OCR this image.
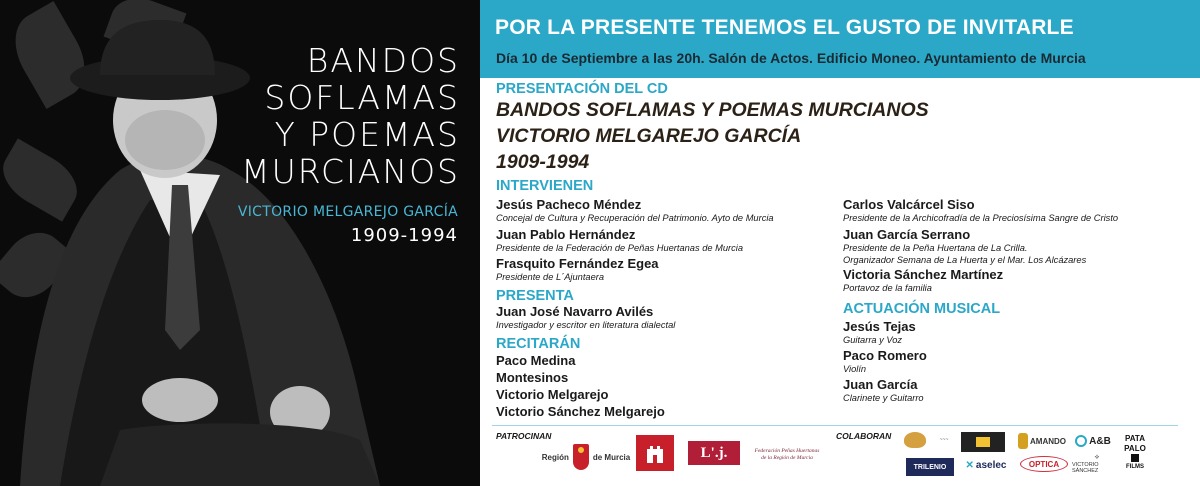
BANDOS
SOFLAMAS
Y POEMAS
MURCIANOS
VICTORIO MELGAREJO GARCÍA
1909-1994
POR LA PRESENTE TENEMOS EL GUSTO DE INVITARLE
Día 10 de Septiembre a las 20h. Salón de Actos. Edificio Moneo. Ayuntamiento de Murcia
PRESENTACIÓN DEL CD
BANDOS SOFLAMAS Y POEMAS MURCIANOS
VICTORIO MELGAREJO GARCÍA
1909-1994
INTERVIENEN
Jesús Pacheco Méndez
Concejal de Cultura y Recuperación del Patrimonio. Ayto de Murcia
Juan Pablo Hernández
Presidente de la Federación de Peñas Huertanas de Murcia
Frasquito Fernández Egea
Presidente de L´Ajuntaera
Carlos Valcárcel Siso
Presidente de la Archicofradía de la Preciosísima Sangre de Cristo
Juan García Serrano
Presidente de la Peña Huertana de La Crilla.
Organizador Semana de La Huerta y el Mar. Los Alcázares
Victoria Sánchez Martínez
Portavoz de la familia
PRESENTA
Juan José Navarro Avilés
Investigador y escritor en literatura dialectal
RECITARÁN
Paco Medina
Montesinos
Victorio Melgarejo
Victorio Sánchez Melgarejo
ACTUACIÓN MUSICAL
Jesús Tejas
Guitarra y Voz
Paco Romero
Violín
Juan García
Clarinete y Guitarro
PATROCINAN	COLABORAN
Región	de Murcia	L'.j.	Federación Peñas Huertanas de la Región de Murcia
~~~	AMANDO A&B
TRILENIO	✕ aselec	OPTICA
⟡
VICTORIO SÁNCHEZ
PATA
PALO
FILMS
